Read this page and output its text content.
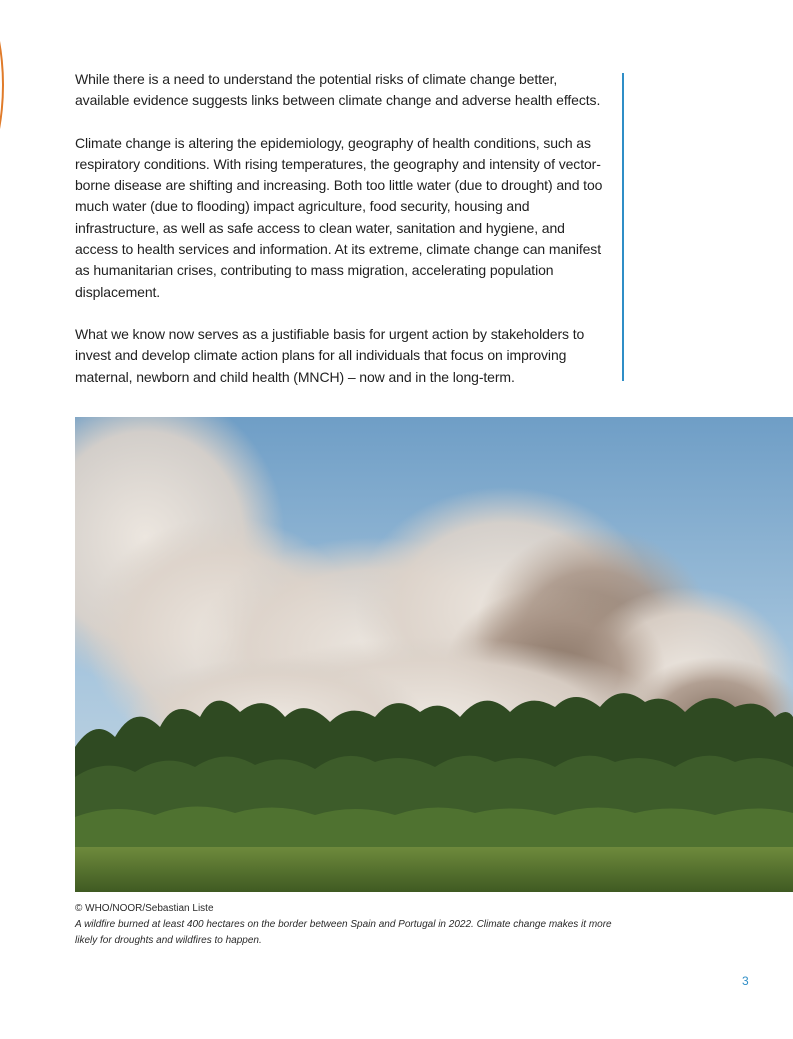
While there is a need to understand the potential risks of climate change better, available evidence suggests links between climate change and adverse health effects.

Climate change is altering the epidemiology, geography of health conditions, such as respiratory conditions. With rising temperatures, the geography and intensity of vector-borne disease are shifting and increasing. Both too little water (due to drought) and too much water (due to flooding) impact agriculture, food security, housing and infrastructure, as well as safe access to clean water, sanitation and hygiene, and access to health services and information. At its extreme, climate change can manifest as humanitarian crises, contributing to mass migration, accelerating population displacement.

What we know now serves as a justifiable basis for urgent action by stakeholders to invest and develop climate action plans for all individuals that focus on improving maternal, newborn and child health (MNCH) – now and in the long-term.

© WHO/NOOR/Sebastian Liste
A wildfire burned at least 400 hectares on the border between Spain and Portugal in 2022. Climate change makes it more likely for droughts and wildfires to happen.
3
